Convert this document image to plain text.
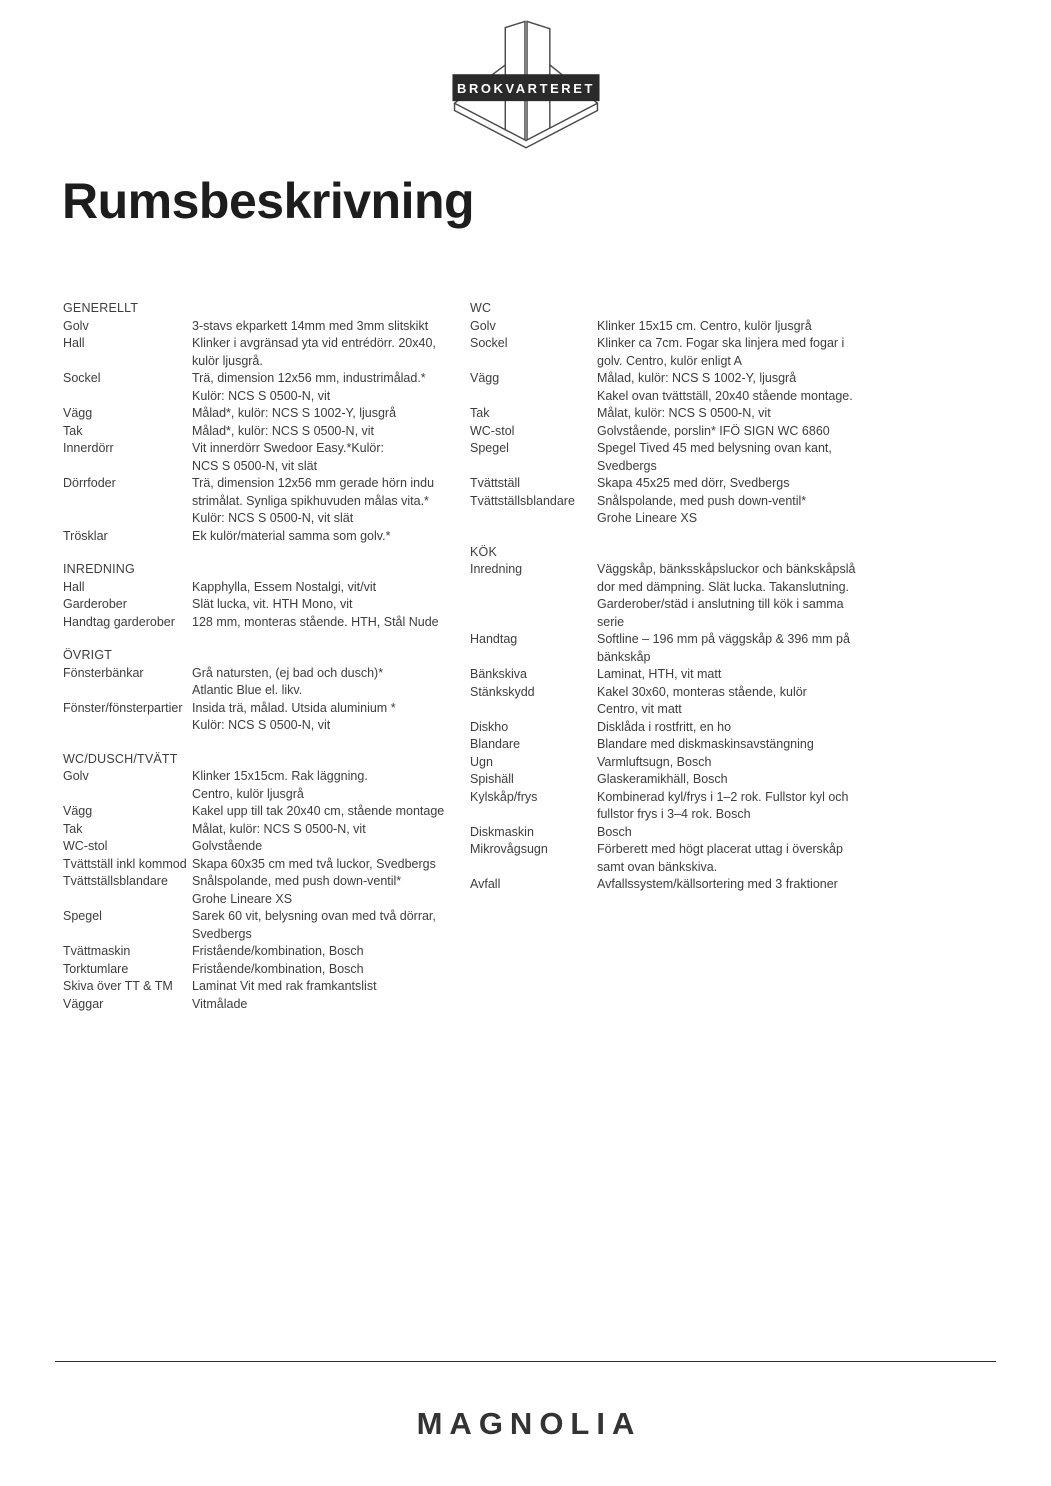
BROKVARTERET
Rumsbeskrivning
GENERELLT
Golv	3-stavs ekparkett 14mm med 3mm slitskikt
Hall	Klinker i avgränsad yta vid entrédörr. 20x40,
kulör ljusgrå.
Sockel	Trä, dimension 12x56 mm, industrimålad.*
Kulör: NCS S 0500-N, vit
Vägg	Målad*, kulör: NCS S 1002-Y, ljusgrå
Tak	Målad*, kulör: NCS S 0500-N, vit
Innerdörr	Vit innerdörr Swedoor Easy.*Kulör:
NCS S 0500-N, vit slät
Dörrfoder	Trä, dimension 12x56 mm gerade hörn indu
strimålat. Synliga spikhuvuden målas vita.*
Kulör: NCS S 0500-N, vit slät
Trösklar	Ek kulör/material samma som golv.*
INREDNING
Hall	Kapphylla, Essem Nostalgi, vit/vit
Garderober	Slät lucka, vit. HTH Mono, vit
Handtag garderober	128 mm, monteras stående. HTH, Stål Nude
ÖVRIGT
Fönsterbänkar	Grå natursten, (ej bad och dusch)*
Atlantic Blue el. likv.
Fönster/fönsterpartier Insida trä, målad. Utsida aluminium *
Kulör: NCS S 0500-N, vit
WC/DUSCH/TVÄTT
Golv	Klinker 15x15cm. Rak läggning.
Centro, kulör ljusgrå
Vägg	Kakel upp till tak 20x40 cm, stående montage
Tak	Målat, kulör: NCS S 0500-N, vit
WC-stol	Golvstående
Tvättställ inkl kommod Skapa 60x35 cm med två luckor, Svedbergs
Tvättställsblandare	Snålspolande, med push down-ventil*
Grohe Lineare XS
Spegel	Sarek 60 vit, belysning ovan med två dörrar,
Svedbergs
Tvättmaskin	Fristående/kombination, Bosch
Torktumlare	Fristående/kombination, Bosch
Skiva över TT & TM	Laminat Vit med rak framkantslist
Väggar	Vitmålade
WC
Golv	Klinker 15x15 cm. Centro, kulör ljusgrå
Sockel	Klinker ca 7cm. Fogar ska linjera med fogar i
golv. Centro, kulör enligt A
Vägg	Målad, kulör: NCS S 1002-Y, ljusgrå
Kakel ovan tvättställ, 20x40 stående montage.
Tak	Målat, kulör: NCS S 0500-N, vit
WC-stol	Golvstående, porslin* IFÖ SIGN WC 6860
Spegel	Spegel Tived 45 med belysning ovan kant,
Svedbergs
Tvättställ	Skapa 45x25 med dörr, Svedbergs
Tvättställsblandare	Snålspolande, med push down-ventil*
Grohe Lineare XS
KÖK
Inredning	Väggskåp, bänksskåpsluckor och bänkskåpslå
dor med dämpning. Slät lucka. Takanslutning.
Garderober/städ i anslutning till kök i samma
serie
Handtag	Softline – 196 mm på väggskåp & 396 mm på
bänkskåp
Bänkskiva	Laminat, HTH, vit matt
Stänkskydd	Kakel 30x60, monteras stående, kulör
Centro, vit matt
Diskho	Disklåda i rostfritt, en ho
Blandare	Blandare med diskmaskinsavstängning
Ugn	Varmluftsugn, Bosch
Spishäll	Glaskeramikhäll, Bosch
Kylskåp/frys	Kombinerad kyl/frys i 1–2 rok. Fullstor kyl och
fullstor frys i 3–4 rok. Bosch
Diskmaskin	Bosch
Mikrovågsugn	Förberett med högt placerat uttag i överskåp
samt ovan bänkskiva.
Avfall	Avfallssystem/källsortering med 3 fraktioner
MAGNOLIA
